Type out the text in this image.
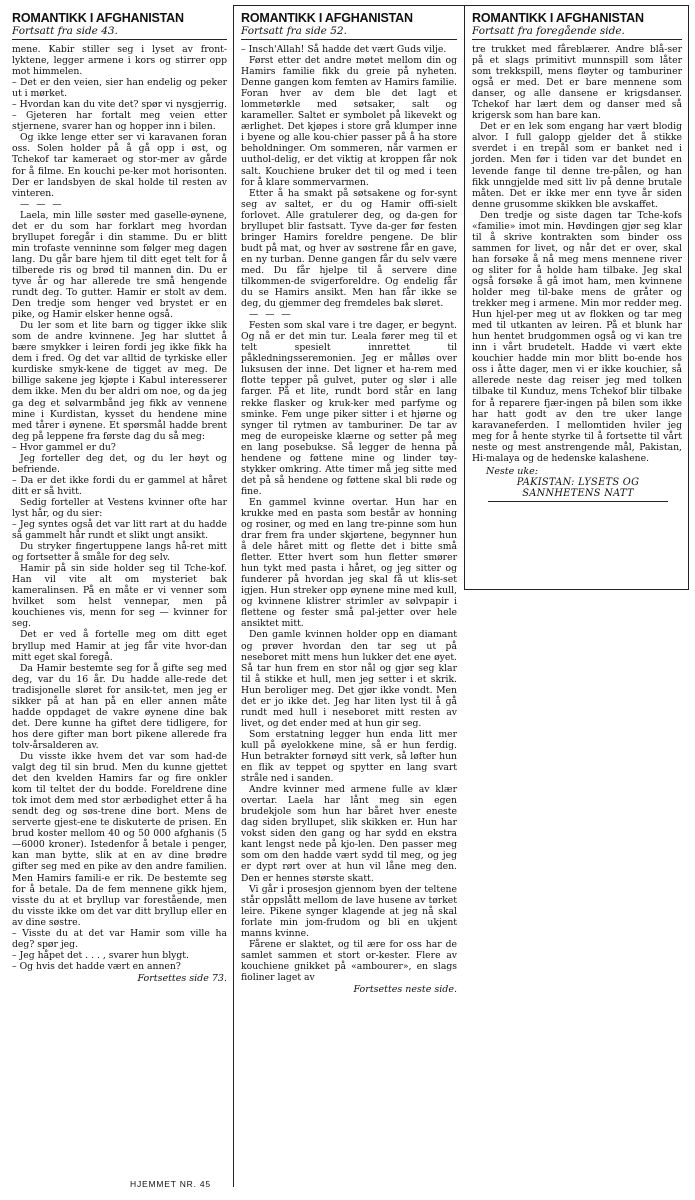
ROMANTIKK I AFGHANISTAN
Fortsatt fra side 43.

mene. Kabir stiller seg i lyset av front-lyktene, legger armene i kors og stirrer opp mot himmelen.

– Det er den veien, sier han endelig og peker ut i mørket.

– Hvordan kan du vite det? spør vi nysgjerrig.

– Gjeteren har fortalt meg veien etter stjernene, svarer han og hopper inn i bilen.

Og ikke lenge etter ser vi karavanen foran oss. Solen holder på å gå opp i øst, og Tchekof tar kameraet og stor-mer av gårde for å filme. En kouchi pe-ker mot horisonten. Der er landsbyen de skal holde til resten av vinteren.

— — —

Laela, min lille søster med gaselle-øynene, det er du som har forklart meg hvordan bryllupet foregår i din stamme. Du er blitt min trofaste venninne som følger meg dagen lang. Du går bare hjem til ditt eget telt for å tilberede ris og brød til mannen din. Du er tyve år og har allerede tre små hengende rundt deg. To gutter. Hamir er stolt av dem. Den tredje som henger ved brystet er en pike, og Hamir elsker henne også.

Du ler som et lite barn og tigger ikke slik som de andre kvinnene. Jeg har sluttet å bære smykker i leiren fordi jeg ikke fikk ha dem i fred. Og det var alltid de tyrkiske eller kurdiske smyk-kene de tigget av meg. De billige sakene jeg kjøpte i Kabul interesserer dem ikke. Men du ber aldri om noe, og da jeg ga deg et sølvarmbånd jeg fikk av vennene mine i Kurdistan, kysset du hendene mine med tårer i øynene. Et spørsmål hadde brent deg på leppene fra første dag du så meg:

– Hvor gammel er du?

Jeg forteller deg det, og du ler høyt og befriende.

– Da er det ikke fordi du er gammel at håret ditt er så hvitt.

Sedig forteller at Vestens kvinner ofte har lyst hår, og du sier:

– Jeg syntes også det var litt rart at du hadde så gammelt hår rundt et slikt ungt ansikt.

Du stryker fingertuppene langs hå-ret mitt og fortsetter å småle for deg selv.

Hamir på sin side holder seg til Tche-kof. Han vil vite alt om mysteriet bak kameralinsen. På en måte er vi venner som hvilket som helst vennepar, men på kouchienes vis, menn for seg — kvinner for seg.

Det er ved å fortelle meg om ditt eget bryllup med Hamir at jeg får vite hvor-dan mitt eget skal foregå.

Da Hamir bestemte seg for å gifte seg med deg, var du 16 år. Du hadde alle-rede det tradisjonelle sløret for ansik-tet, men jeg er sikker på at han på en eller annen måte hadde oppdaget de vakre øynene dine bak det. Dere kunne ha giftet dere tidligere, for hos dere gifter man bort pikene allerede fra tolv-årsalderen av.

Du visste ikke hvem det var som had-de valgt deg til sin brud. Men du kunne gjettet det den kvelden Hamirs far og fire onkler kom til teltet der du bodde. Foreldrene dine tok imot dem med stor ærbødighet etter å ha sendt deg og søs-trene dine bort. Mens de serverte gjest-ene te diskuterte de prisen. En brud koster mellom 40 og 50 000 afghanis (5—6000 kroner). Istedenfor å betale i penger, kan man bytte, slik at en av dine brødre gifter seg med en pike av den andre familien. Men Hamirs famili-e er rik. De bestemte seg for å betale. Da de fem mennene gikk hjem, visste du at et bryllup var forestående, men du visste ikke om det var ditt bryllup eller en av dine søstre.

– Visste du at det var Hamir som ville ha deg? spør jeg.

– Jeg håpet det . . . , svarer hun blygt.

– Og hvis det hadde vært en annen?

Fortsettes side 73.
ROMANTIKK I AFGHANISTAN
Fortsatt fra side 52.

– Insch'Allah! Så hadde det vært Guds vilje.

Først etter det andre møtet mellom din og Hamirs familie fikk du greie på nyheten. Denne gangen kom femten av Hamirs familie. Foran hver av dem ble det lagt et lommetørkle med søtsaker, salt og karameller. Saltet er symbolet på likevekt og ærlighet. Det kjøpes i store grå klumper inne i byene og alle kou-chier passer på å ha store beholdninger. Om sommeren, når varmen er uuthol-delig, er det viktig at kroppen får nok salt. Kouchiene bruker det til og med i teen for å klare sommervarmen.

Etter å ha smakt på søtsakene og for-synt seg av saltet, er du og Hamir offi-sielt forlovet. Alle gratulerer deg, og da-gen for bryllupet blir fastsatt. Tyve da-ger før festen bringer Hamirs foreldre pengene. De blir budt på mat, og hver av søstrene får en gave, en ny turban. Denne gangen får du selv være med. Du får hjelpe til å servere dine tilkommen-de svigerforeldre. Og endelig får du se Hamirs ansikt. Men han får ikke se deg, du gjemmer deg fremdeles bak sløret.

— — —

Festen som skal vare i tre dager, er begynt. Og nå er det min tur. Leala fører meg til et telt spesielt innrettet til påkledningsseremonien. Jeg er målløs over luksusen der inne. Det ligner et ha-rem med flotte tepper på gulvet, puter og slør i alle farger. På et lite, rundt bord står en lang rekke flasker og kruk-ker med parfyme og sminke. Fem unge piker sitter i et hjørne og synger til rytmen av tamburiner. De tar av meg de europeiske klærne og setter på meg en lang posebukse. Så legger de henna på hendene og føttene mine og linder tøy-stykker omkring. Atte timer må jeg sitte med det på så hendene og føttene skal bli røde og fine.

En gammel kvinne overtar. Hun har en krukke med en pasta som består av honning og rosiner, og med en lang tre-pinne som hun drar frem fra under skjørtene, begynner hun å dele håret mitt og flette det i bitte små fletter. Etter hvert som hun fletter smører hun tykt med pasta i håret, og jeg sitter og funderer på hvordan jeg skal få ut klis-set igjen. Hun streker opp øynene mine med kull, og kvinnene klistrer strimler av sølvpapir i flettene og fester små pal-jetter over hele ansiktet mitt.

Den gamle kvinnen holder opp en diamant og prøver hvordan den tar seg ut på neseboret mitt mens hun lukker det ene øyet. Så tar hun frem en stor nål og gjør seg klar til å stikke et hull, men jeg setter i et skrik. Hun beroliger meg. Det gjør ikke vondt. Men det er jo ikke det. Jeg har liten lyst til å gå rundt med hull i neseboret mitt resten av livet, og det ender med at hun gir seg.

Som erstatning legger hun enda litt mer kull på øyelokkene mine, så er hun ferdig. Hun betrakter fornøyd sitt verk, så løfter hun en flik av teppet og spytter en lang svart stråle ned i sanden.

Andre kvinner med armene fulle av klær overtar. Laela har lånt meg sin egen brudekjole som hun har båret hver eneste dag siden bryllupet, slik skikken er. Hun har vokst siden den gang og har sydd en ekstra kant lengst nede på kjo-len. Den passer meg som om den hadde vært sydd til meg, og jeg er dypt rørt over at hun vil låne meg den. Den er hennes største skatt.

Vi går i prosesjon gjennom byen der teltene står oppslått mellom de lave husene av tørket leire. Pikene synger klagende at jeg nå skal forlate min jom-frudom og bli en ukjent manns kvinne.

Fårene er slaktet, og til ære for oss har de samlet sammen et stort or-kester. Flere av kouchiene gnikket på «ambourer», en slags fioliner laget av

Fortsettes neste side.
ROMANTIKK I AFGHANISTAN
Fortsatt fra foregående side.

tre trukket med fåreblærer. Andre blå-ser på et slags primitivt munnspill som låter som trekkspill, mens fløyter og tamburiner også er med. Det er bare mennene som danser, og alle dansene er krigsdanser. Tchekof har lært dem og danser med så krigersk som han bare kan.

Det er en lek som engang har vært blodig alvor. I full galopp gjelder det å stikke sverdet i en trepål som er banket ned i jorden. Men før i tiden var det bundet en levende fange til denne tre-pålen, og han fikk unngjelde med sitt liv på denne brutale måten. Det er ikke mer enn tyve år siden denne grusomme skikken ble avskaffet.

Den tredje og siste dagen tar Tche-kofs «familie» imot min. Høvdingen gjør seg klar til å skrive kontrakten som binder oss sammen for livet, og når det er over, skal han forsøke å nå meg mens mennene river og sliter for å holde ham tilbake. Jeg skal også forsøke å gå imot ham, men kvinnene holder meg til-bake mens de gråter og trekker meg i armene. Min mor redder meg. Hun hjel-per meg ut av flokken og tar meg med til utkanten av leiren. På et blunk har hun hentet brudgommen også og vi kan tre inn i vårt brudetelt. Hadde vi vært ekte kouchier hadde min mor blitt bo-ende hos oss i åtte dager, men vi er ikke kouchier, så allerede neste dag reiser jeg med tolken tilbake til Kunduz, mens Tchekof blir tilbake for å reparere fjær-ingen på bilen som ikke har hatt godt av den tre uker lange karavaneferden. I mellomtiden hviler jeg meg for å hente styrke til å fortsette til vårt neste og mest anstrengende mål, Pakistan, Hi-malaya og de hedenske kalashene.

Neste uke:
PAKISTAN: LYSETS OG
SANNHETENS NATT
HJEMMET NR. 45
